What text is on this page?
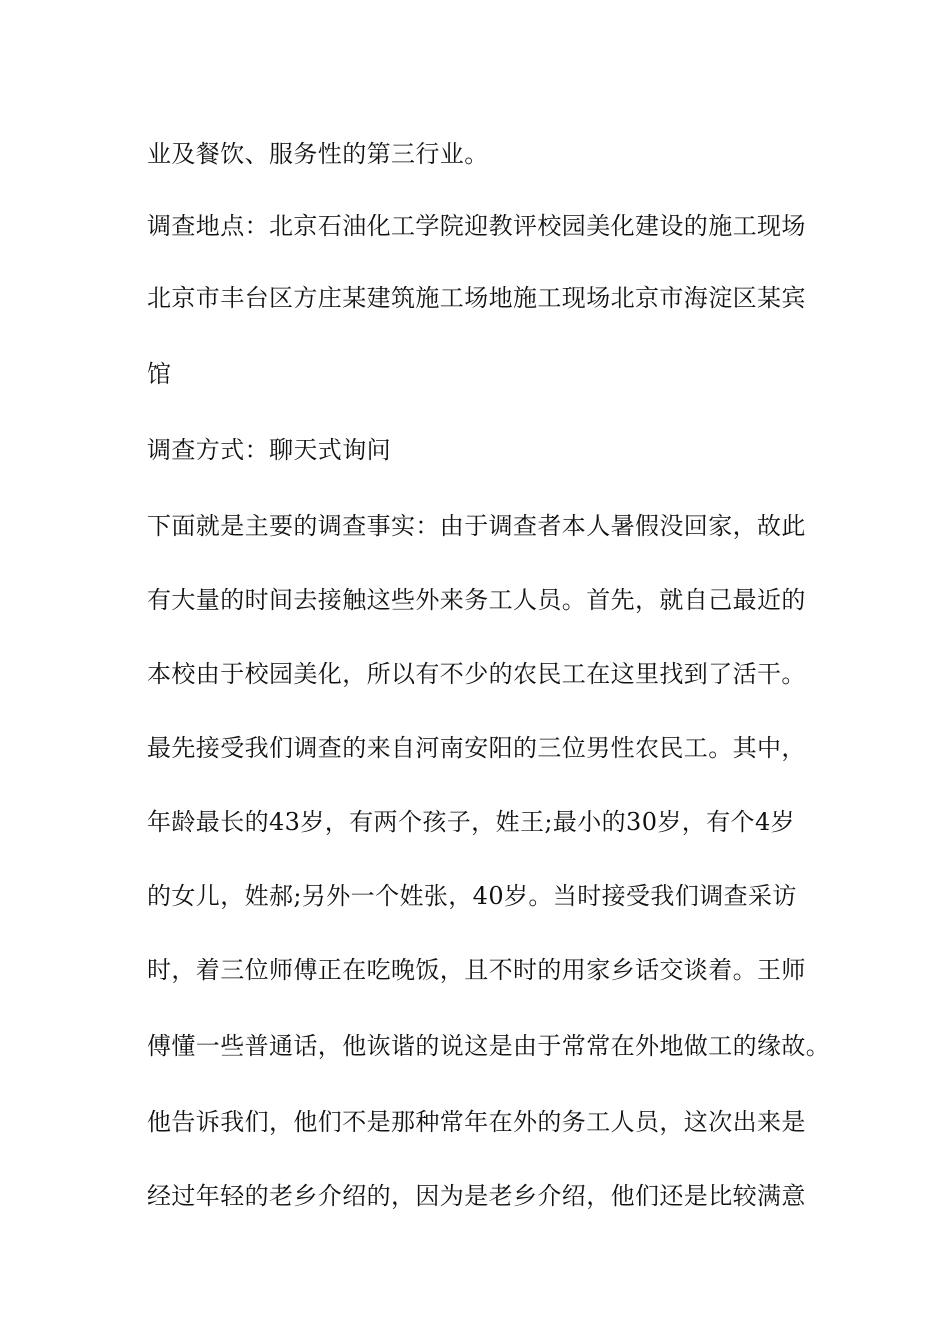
业及餐饮、服务性的第三行业。

调查地点：北京石油化工学院迎教评校园美化建设的施工现场

北京市丰台区方庄某建筑施工场地施工现场北京市海淀区某宾

馆

调查方式：聊天式询问

下面就是主要的调查事实：由于调查者本人暑假没回家，故此

有大量的时间去接触这些外来务工人员。首先，就自己最近的

本校由于校园美化，所以有不少的农民工在这里找到了活干。

最先接受我们调查的来自河南安阳的三位男性农民工。其中，

年龄最长的43岁，有两个孩子，姓王;最小的30岁，有个4岁

的女儿，姓郝;另外一个姓张，40岁。当时接受我们调查采访

时，着三位师傅正在吃晚饭，且不时的用家乡话交谈着。王师

傅懂一些普通话，他诙谐的说这是由于常常在外地做工的缘故。

他告诉我们，他们不是那种常年在外的务工人员，这次出来是

经过年轻的老乡介绍的，因为是老乡介绍，他们还是比较满意
